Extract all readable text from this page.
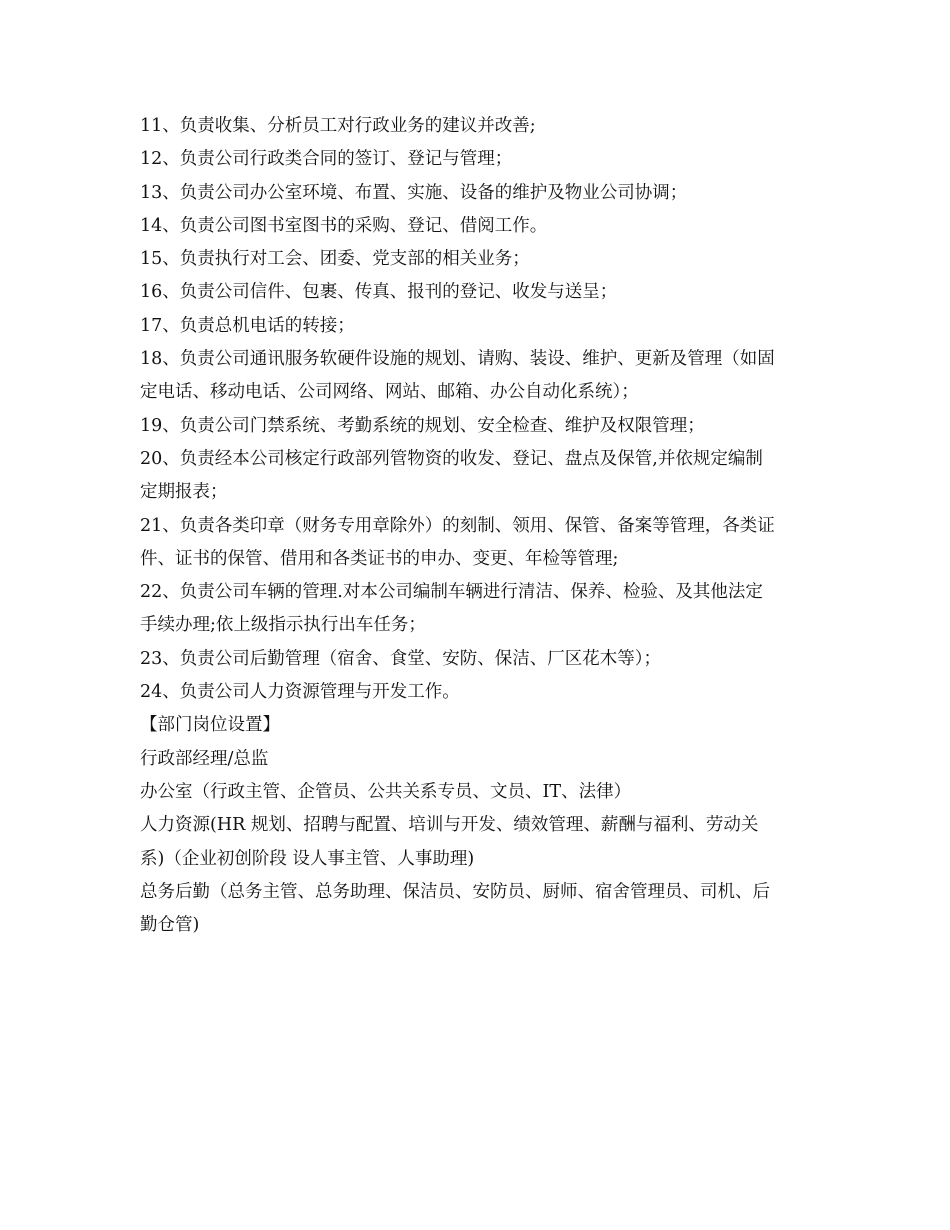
11、负责收集、分析员工对行政业务的建议并改善;
12、负责公司行政类合同的签订、登记与管理；
13、负责公司办公室环境、布置、实施、设备的维护及物业公司协调；
14、负责公司图书室图书的采购、登记、借阅工作。
15、负责执行对工会、团委、党支部的相关业务；
16、负责公司信件、包裹、传真、报刊的登记、收发与送呈；
17、负责总机电话的转接；
18、负责公司通讯服务软硬件设施的规划、请购、装设、维护、更新及管理（如固
定电话、移动电话、公司网络、网站、邮箱、办公自动化系统）；
19、负责公司门禁系统、考勤系统的规划、安全检查、维护及权限管理；
20、负责经本公司核定行政部列管物资的收发、登记、盘点及保管,并依规定编制
定期报表；
21、负责各类印章（财务专用章除外）的刻制、领用、保管、备案等管理，各类证
件、证书的保管、借用和各类证书的申办、变更、年检等管理;
22、负责公司车辆的管理.对本公司编制车辆进行清洁、保养、检验、及其他法定
手续办理;依上级指示执行出车任务；
23、负责公司后勤管理（宿舍、食堂、安防、保洁、厂区花木等）；
24、负责公司人力资源管理与开发工作。
【部门岗位设置】
行政部经理/总监
办公室（行政主管、企管员、公共关系专员、文员、IT、法律）
人力资源(HR 规划、招聘与配置、培训与开发、绩效管理、薪酬与福利、劳动关
系)（企业初创阶段 设人事主管、人事助理)
总务后勤（总务主管、总务助理、保洁员、安防员、厨师、宿舍管理员、司机、后
勤仓管)
